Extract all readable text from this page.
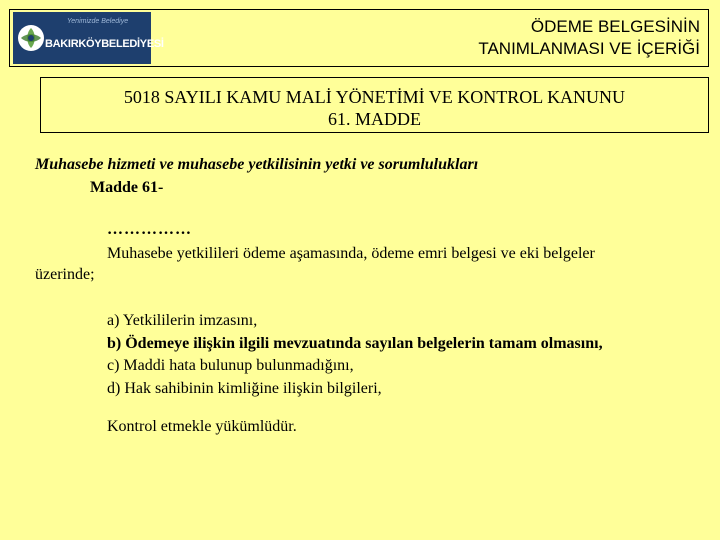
Yenimizde Belediye
BAKIRKÖYBELEDİYESİ
ÖDEME BELGESİNİN
TANIMLANMASI VE İÇERİĞİ
5018 SAYILI KAMU MALİ YÖNETİMİ VE KONTROL KANUNU
61. MADDE
Muhasebe hizmeti ve muhasebe yetkilisinin yetki ve sorumlulukları
Madde 61-
……………
Muhasebe yetkilileri ödeme aşamasında, ödeme emri belgesi ve eki belgeler
üzerinde;
a) Yetkililerin imzasını,
b) Ödemeye ilişkin ilgili mevzuatında sayılan belgelerin tamam olmasını,
c) Maddi hata bulunup bulunmadığını,
d) Hak sahibinin kimliğine ilişkin bilgileri,
Kontrol etmekle yükümlüdür.
